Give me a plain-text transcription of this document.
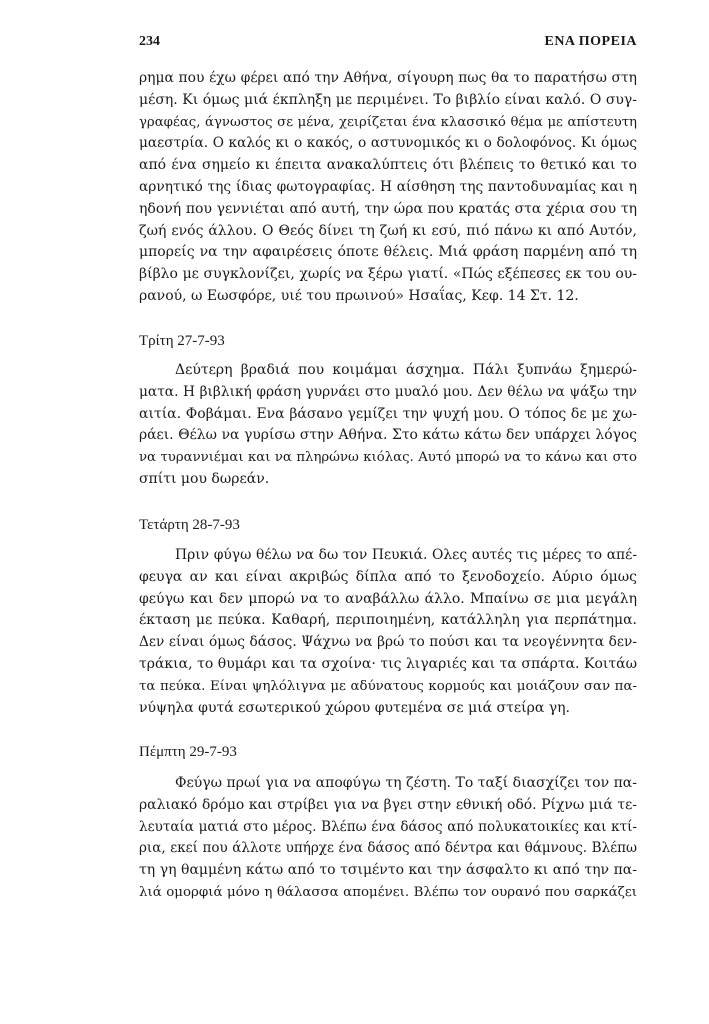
234	ΕΝΑ ΠΟΡΕΙΑ
ρημα που έχω φέρει από την Αθήνα, σίγουρη πως θα το παρατήσω στη
μέση. Κι όμως μιά έκπληξη με περιμένει. Το βιβλίο είναι καλό. Ο συγ-
γραφέας, άγνωστος σε μένα, χειρίζεται ένα κλασσικό θέμα με απίστευτη
μαεστρία. Ο καλός κι ο κακός, ο αστυνομικός κι ο δολοφόνος. Κι όμως
από ένα σημείο κι έπειτα ανακαλύπτεις ότι βλέπεις το θετικό και το
αρνητικό της ίδιας φωτογραφίας. Η αίσθηση της παντοδυναμίας και η
ηδονή που γεννιέται από αυτή, την ώρα που κρατάς στα χέρια σου τη
ζωή ενός άλλου. Ο Θεός δίνει τη ζωή κι εσύ, πιό πάνω κι από Αυτόν,
μπορείς να την αφαιρέσεις όποτε θέλεις. Μιά φράση παρμένη από τη
βίβλο με συγκλονίζει, χωρίς να ξέρω γιατί. «Πώς εξέπεσες εκ του ου-
ρανού, ω Εωσφόρε, υιέ του πρωινού» Ησαΐας, Κεφ. 14 Στ. 12.
Τρίτη 27-7-93
Δεύτερη βραδιά που κοιμάμαι άσχημα. Πάλι ξυπνάω ξημερώ-
ματα. Η βιβλική φράση γυρνάει στο μυαλό μου. Δεν θέλω να ψάξω την
αιτία. Φοβάμαι. Ενα βάσανο γεμίζει την ψυχή μου. Ο τόπος δε με χω-
ράει. Θέλω να γυρίσω στην Αθήνα. Στο κάτω κάτω δεν υπάρχει λόγος
να τυραννιέμαι και να πληρώνω κιόλας. Αυτό μπορώ να το κάνω και στο
σπίτι μου δωρεάν.
Τετάρτη 28-7-93
Πριν φύγω θέλω να δω τον Πευκιά. Ολες αυτές τις μέρες το απέ-
φευγα αν και είναι ακριβώς δίπλα από το ξενοδοχείο. Αύριο όμως
φεύγω και δεν μπορώ να το αναβάλλω άλλο. Μπαίνω σε μια μεγάλη
έκταση με πεύκα. Καθαρή, περιποιημένη, κατάλληλη για περπάτημα.
Δεν είναι όμως δάσος. Ψάχνω να βρώ το πούσι και τα νεογέννητα δεν-
τράκια, το θυμάρι και τα σχοίνα· τις λιγαριές και τα σπάρτα. Κοιτάω
τα πεύκα. Είναι ψηλόλιγνα με αδύνατους κορμούς και μοιάζουν σαν πα-
νύψηλα φυτά εσωτερικού χώρου φυτεμένα σε μιά στείρα γη.
Πέμπτη 29-7-93
Φεύγω πρωί για να αποφύγω τη ζέστη. Το ταξί διασχίζει τον πα-
ραλιακό δρόμο και στρίβει για να βγει στην εθνική οδό. Ρίχνω μιά τε-
λευταία ματιά στο μέρος. Βλέπω ένα δάσος από πολυκατοικίες και κτί-
ρια, εκεί που άλλοτε υπήρχε ένα δάσος από δέντρα και θάμνους. Βλέπω
τη γη θαμμένη κάτω από το τσιμέντο και την άσφαλτο κι από την πα-
λιά ομορφιά μόνο η θάλασσα απομένει. Βλέπω τον ουρανό που σαρκάζει
